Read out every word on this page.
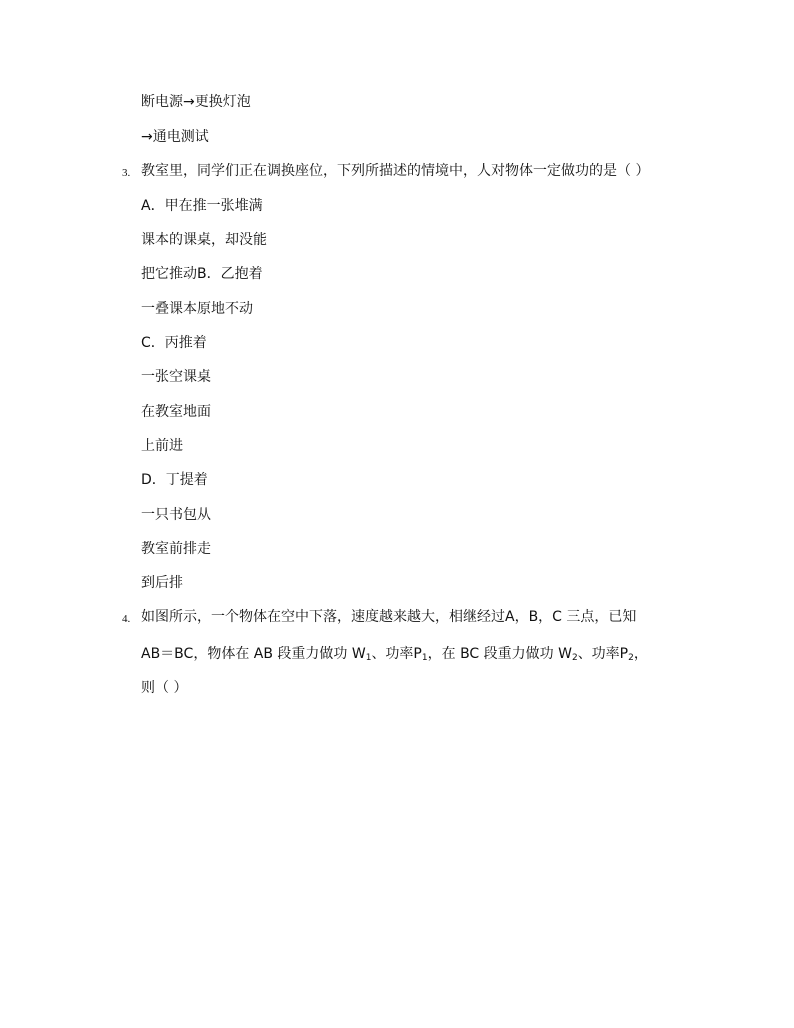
断电源→更换灯泡
→通电测试
3. 教室里，同学们正在调换座位，下列所描述的情境中，人对物体一定做功的是（ ）
A．甲在推一张堆满
课本的课桌，却没能
把它推动B．乙抱着
一叠课本原地不动
C．丙推着
一张空课桌
在教室地面
上前进
D．丁提着
一只书包从
教室前排走
到后排
4. 如图所示，一个物体在空中下落，速度越来越大，相继经过A，B，C 三点，已知
AB＝BC，物体在 AB 段重力做功 $W_1$、功率$P_1$，在 BC 段重力做功 $W_2$、功率$P_2$，
则（ ）
